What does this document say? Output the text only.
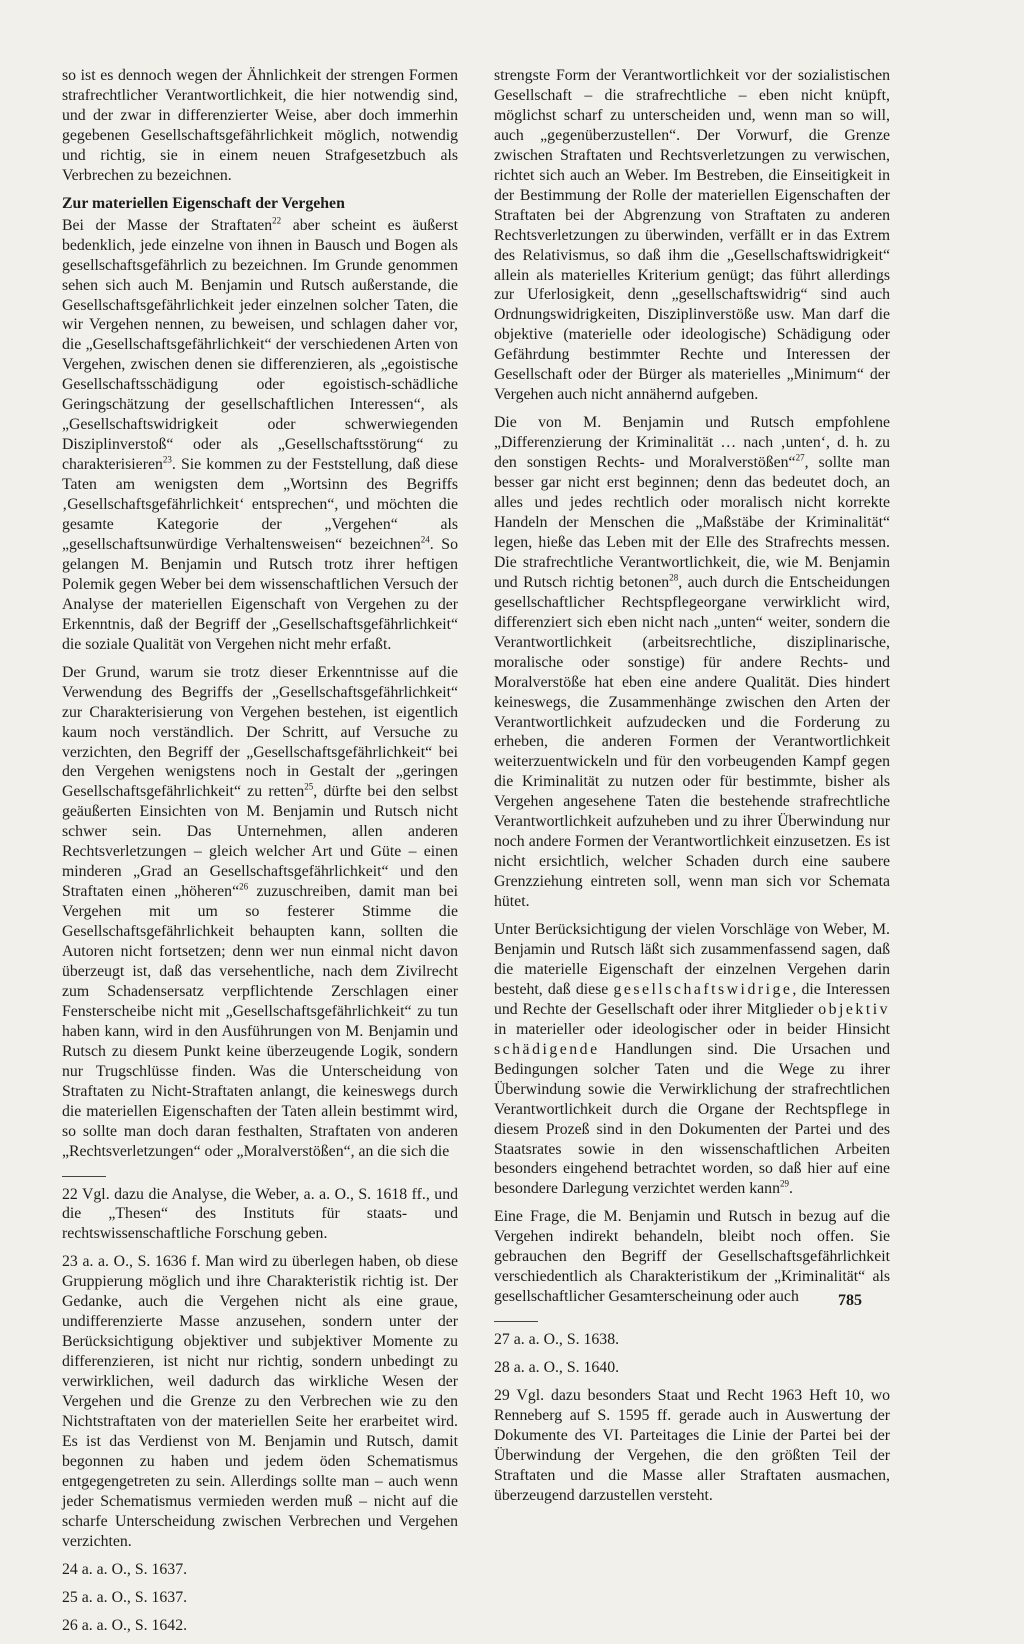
so ist es dennoch wegen der Ähnlichkeit der strengen Formen strafrechtlicher Verantwortlichkeit, die hier notwendig sind, und der zwar in differenzierter Weise, aber doch immerhin gegebenen Gesellschaftsgefährlichkeit möglich, notwendig und richtig, sie in einem neuen Strafgesetzbuch als Verbrechen zu bezeichnen.

Zur materiellen Eigenschaft der Vergehen

Bei der Masse der Straftaten$^{22}$ aber scheint es äußerst bedenklich, jede einzelne von ihnen in Bausch und Bogen als gesellschaftsgefährlich zu bezeichnen. Im Grunde genommen sehen sich auch M. Benjamin und Rutsch außerstande, die Gesellschaftsgefährlichkeit jeder einzelnen solcher Taten, die wir Vergehen nennen, zu beweisen, und schlagen daher vor, die „Gesellschaftsgefährlichkeit“ der verschiedenen Arten von Vergehen, zwischen denen sie differenzieren, als „egoistische Gesellschaftsschädigung oder egoistisch-schädliche Geringschätzung der gesellschaftlichen Interessen“, als „Gesellschaftswidrigkeit oder schwerwiegenden Disziplinverstoß“ oder als „Gesellschaftsstörung“ zu charakterisieren$^{23}$. Sie kommen zu der Feststellung, daß diese Taten am wenigsten dem „Wortsinn des Begriffs ‚Gesellschaftsgefährlichkeit‘ entsprechen“, und möchten die gesamte Kategorie der „Vergehen“ als „gesellschaftsunwürdige Verhaltensweisen“ bezeichnen$^{24}$. So gelangen M. Benjamin und Rutsch trotz ihrer heftigen Polemik gegen Weber bei dem wissenschaftlichen Versuch der Analyse der materiellen Eigenschaft von Vergehen zu der Erkenntnis, daß der Begriff der „Gesellschaftsgefährlichkeit“ die soziale Qualität von Vergehen nicht mehr erfaßt.

Der Grund, warum sie trotz dieser Erkenntnisse auf die Verwendung des Begriffs der „Gesellschaftsgefährlichkeit“ zur Charakterisierung von Vergehen bestehen, ist eigentlich kaum noch verständlich. Der Schritt, auf Versuche zu verzichten, den Begriff der „Gesellschaftsgefährlichkeit“ bei den Vergehen wenigstens noch in Gestalt der „geringen Gesellschaftsgefährlichkeit“ zu retten$^{25}$, dürfte bei den selbst geäußerten Einsichten von M. Benjamin und Rutsch nicht schwer sein. Das Unternehmen, allen anderen Rechtsverletzungen – gleich welcher Art und Güte – einen minderen „Grad an Gesellschaftsgefährlichkeit“ und den Straftaten einen „höheren“$^{26}$ zuzuschreiben, damit man bei Vergehen mit um so festerer Stimme die Gesellschaftsgefährlichkeit behaupten kann, sollten die Autoren nicht fortsetzen; denn wer nun einmal nicht davon überzeugt ist, daß das versehentliche, nach dem Zivilrecht zum Schadensersatz verpflichtende Zerschlagen einer Fensterscheibe nicht mit „Gesellschaftsgefährlichkeit“ zu tun haben kann, wird in den Ausführungen von M. Benjamin und Rutsch zu diesem Punkt keine überzeugende Logik, sondern nur Trugschlüsse finden. Was die Unterscheidung von Straftaten zu Nicht-Straftaten anlangt, die keineswegs durch die materiellen Eigenschaften der Taten allein bestimmt wird, so sollte man doch daran festhalten, Straftaten von anderen „Rechtsverletzungen“ oder „Moralverstößen“, an die sich die

22 Vgl. dazu die Analyse, die Weber, a. a. O., S. 1618 ff., und die „Thesen“ des Instituts für staats- und rechtswissenschaftliche Forschung geben.

23 a. a. O., S. 1636 f. Man wird zu überlegen haben, ob diese Gruppierung möglich und ihre Charakteristik richtig ist. Der Gedanke, auch die Vergehen nicht als eine graue, undifferenzierte Masse anzusehen, sondern unter der Berücksichtigung objektiver und subjektiver Momente zu differenzieren, ist nicht nur richtig, sondern unbedingt zu verwirklichen, weil dadurch das wirkliche Wesen der Vergehen und die Grenze zu den Verbrechen wie zu den Nichtstraftaten von der materiellen Seite her erarbeitet wird. Es ist das Verdienst von M. Benjamin und Rutsch, damit begonnen zu haben und jedem öden Schematismus entgegengetreten zu sein. Allerdings sollte man – auch wenn jeder Schematismus vermieden werden muß – nicht auf die scharfe Unterscheidung zwischen Verbrechen und Vergehen verzichten.

24 a. a. O., S. 1637.

25 a. a. O., S. 1637.

26 a. a. O., S. 1642.

strengste Form der Verantwortlichkeit vor der sozialistischen Gesellschaft – die strafrechtliche – eben nicht knüpft, möglichst scharf zu unterscheiden und, wenn man so will, auch „gegenüberzustellen“. Der Vorwurf, die Grenze zwischen Straftaten und Rechtsverletzungen zu verwischen, richtet sich auch an Weber. Im Bestreben, die Einseitigkeit in der Bestimmung der Rolle der materiellen Eigenschaften der Straftaten bei der Abgrenzung von Straftaten zu anderen Rechtsverletzungen zu überwinden, verfällt er in das Extrem des Relativismus, so daß ihm die „Gesellschaftswidrigkeit“ allein als materielles Kriterium genügt; das führt allerdings zur Uferlosigkeit, denn „gesellschaftswidrig“ sind auch Ordnungswidrigkeiten, Disziplinverstöße usw. Man darf die objektive (materielle oder ideologische) Schädigung oder Gefährdung bestimmter Rechte und Interessen der Gesellschaft oder der Bürger als materielles „Minimum“ der Vergehen auch nicht annähernd aufgeben.

Die von M. Benjamin und Rutsch empfohlene „Differenzierung der Kriminalität … nach ‚unten‘, d. h. zu den sonstigen Rechts- und Moralverstößen“$^{27}$, sollte man besser gar nicht erst beginnen; denn das bedeutet doch, an alles und jedes rechtlich oder moralisch nicht korrekte Handeln der Menschen die „Maßstäbe der Kriminalität“ legen, hieße das Leben mit der Elle des Strafrechts messen. Die strafrechtliche Verantwortlichkeit, die, wie M. Benjamin und Rutsch richtig betonen$^{28}$, auch durch die Entscheidungen gesellschaftlicher Rechtspflegeorgane verwirklicht wird, differenziert sich eben nicht nach „unten“ weiter, sondern die Verantwortlichkeit (arbeitsrechtliche, disziplinarische, moralische oder sonstige) für andere Rechts- und Moralverstöße hat eben eine andere Qualität. Dies hindert keineswegs, die Zusammenhänge zwischen den Arten der Verantwortlichkeit aufzudecken und die Forderung zu erheben, die anderen Formen der Verantwortlichkeit weiterzuentwickeln und für den vorbeugenden Kampf gegen die Kriminalität zu nutzen oder für bestimmte, bisher als Vergehen angesehene Taten die bestehende strafrechtliche Verantwortlichkeit aufzuheben und zu ihrer Überwindung nur noch andere Formen der Verantwortlichkeit einzusetzen. Es ist nicht ersichtlich, welcher Schaden durch eine saubere Grenzziehung eintreten soll, wenn man sich vor Schemata hütet.

Unter Berücksichtigung der vielen Vorschläge von Weber, M. Benjamin und Rutsch läßt sich zusammenfassend sagen, daß die materielle Eigenschaft der einzelnen Vergehen darin besteht, daß diese gesellschaftswidrige, die Interessen und Rechte der Gesellschaft oder ihrer Mitglieder objektiv in materieller oder ideologischer oder in beider Hinsicht schädigende Handlungen sind. Die Ursachen und Bedingungen solcher Taten und die Wege zu ihrer Überwindung sowie die Verwirklichung der strafrechtlichen Verantwortlichkeit durch die Organe der Rechtspflege in diesem Prozeß sind in den Dokumenten der Partei und des Staatsrates sowie in den wissenschaftlichen Arbeiten besonders eingehend betrachtet worden, so daß hier auf eine besondere Darlegung verzichtet werden kann$^{29}$.

Eine Frage, die M. Benjamin und Rutsch in bezug auf die Vergehen indirekt behandeln, bleibt noch offen. Sie gebrauchen den Begriff der Gesellschaftsgefährlichkeit verschiedentlich als Charakteristikum der „Kriminalität“ als gesellschaftlicher Gesamterscheinung oder auch

27 a. a. O., S. 1638.

28 a. a. O., S. 1640.

29 Vgl. dazu besonders Staat und Recht 1963 Heft 10, wo Renneberg auf S. 1595 ff. gerade auch in Auswertung der Dokumente des VI. Parteitages die Linie der Partei bei der Überwindung der Vergehen, die den größten Teil der Straftaten und die Masse aller Straftaten ausmachen, überzeugend darzustellen versteht.

785
